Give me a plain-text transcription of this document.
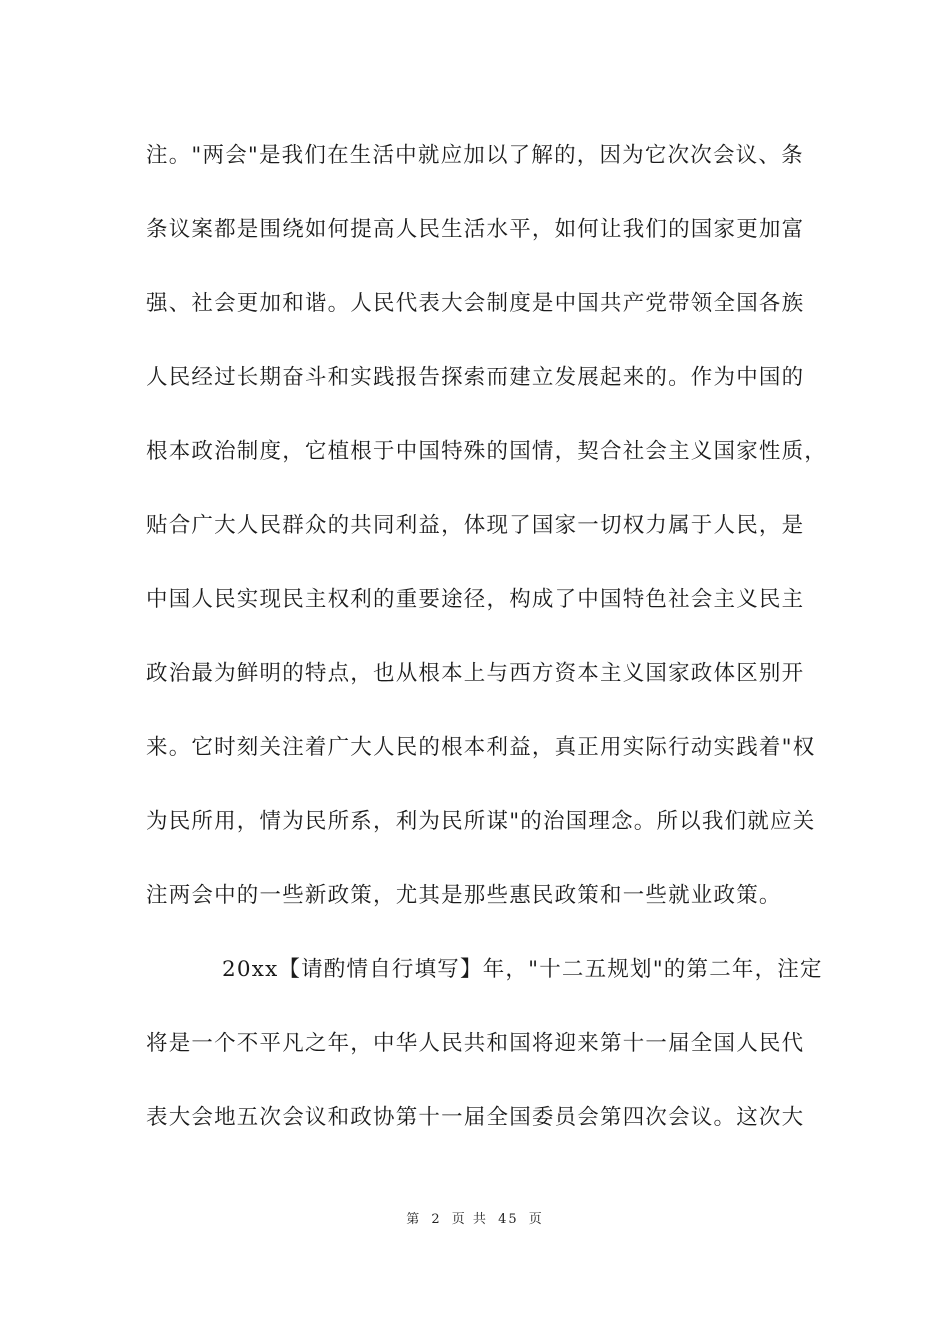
注。"两会"是我们在生活中就应加以了解的，因为它次次会议、条
条议案都是围绕如何提高人民生活水平，如何让我们的国家更加富
强、社会更加和谐。人民代表大会制度是中国共产党带领全国各族
人民经过长期奋斗和实践报告探索而建立发展起来的。作为中国的
根本政治制度，它植根于中国特殊的国情，契合社会主义国家性质，
贴合广大人民群众的共同利益，体现了国家一切权力属于人民，是
中国人民实现民主权利的重要途径，构成了中国特色社会主义民主
政治最为鲜明的特点，也从根本上与西方资本主义国家政体区别开
来。它时刻关注着广大人民的根本利益，真正用实际行动实践着"权
为民所用，情为民所系，利为民所谋"的治国理念。所以我们就应关
注两会中的一些新政策，尤其是那些惠民政策和一些就业政策。
20xx【请酌情自行填写】年，"十二五规划"的第二年，注定
将是一个不平凡之年，中华人民共和国将迎来第十一届全国人民代
表大会地五次会议和政协第十一届全国委员会第四次会议。这次大
第 2 页 共 45 页
